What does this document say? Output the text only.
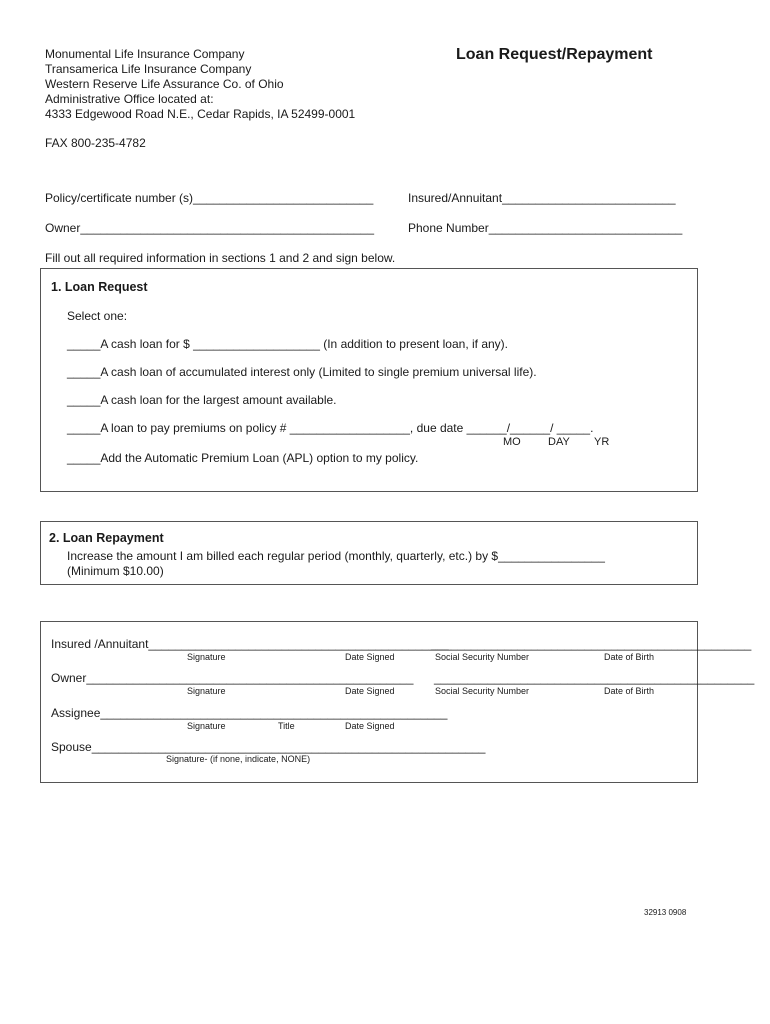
Monumental Life Insurance Company
Transamerica Life Insurance Company
Western Reserve Life Assurance Co. of Ohio
Administrative Office located at:
4333 Edgewood Road N.E., Cedar Rapids, IA 52499-0001
FAX 800-235-4782
Loan Request/Repayment
Policy/certificate number (s)___________________________	Insured/Annuitant__________________________
Owner____________________________________________	Phone Number_____________________________
Fill out all required information in sections 1 and 2 and sign below.
1. Loan Request
Select one:
_____A cash loan for $ ___________________ (In addition to present loan, if any).
_____A cash loan of accumulated interest only (Limited to single premium universal life).
_____A cash loan for the largest amount available.
_____A loan to pay premiums on policy # __________________, due date ______/______/ _____.
MO DAY YR
_____Add the Automatic Premium Loan (APL) option to my policy.
2. Loan Repayment
Increase the amount I am billed each regular period (monthly, quarterly, etc.) by $________________
(Minimum $10.00)
Insured /Annuitant_____________________________________________
________________________________________________
Signature	Date Signed	Social Security Number	Date of Birth
Owner_________________________________________________ ________________________________________________
Signature	Date Signed	Social Security Number	Date of Birth
Assignee____________________________________________________
Signature	Title	Date Signed
Spouse___________________________________________________________
Signature- (if none, indicate, NONE)
32913 0908
